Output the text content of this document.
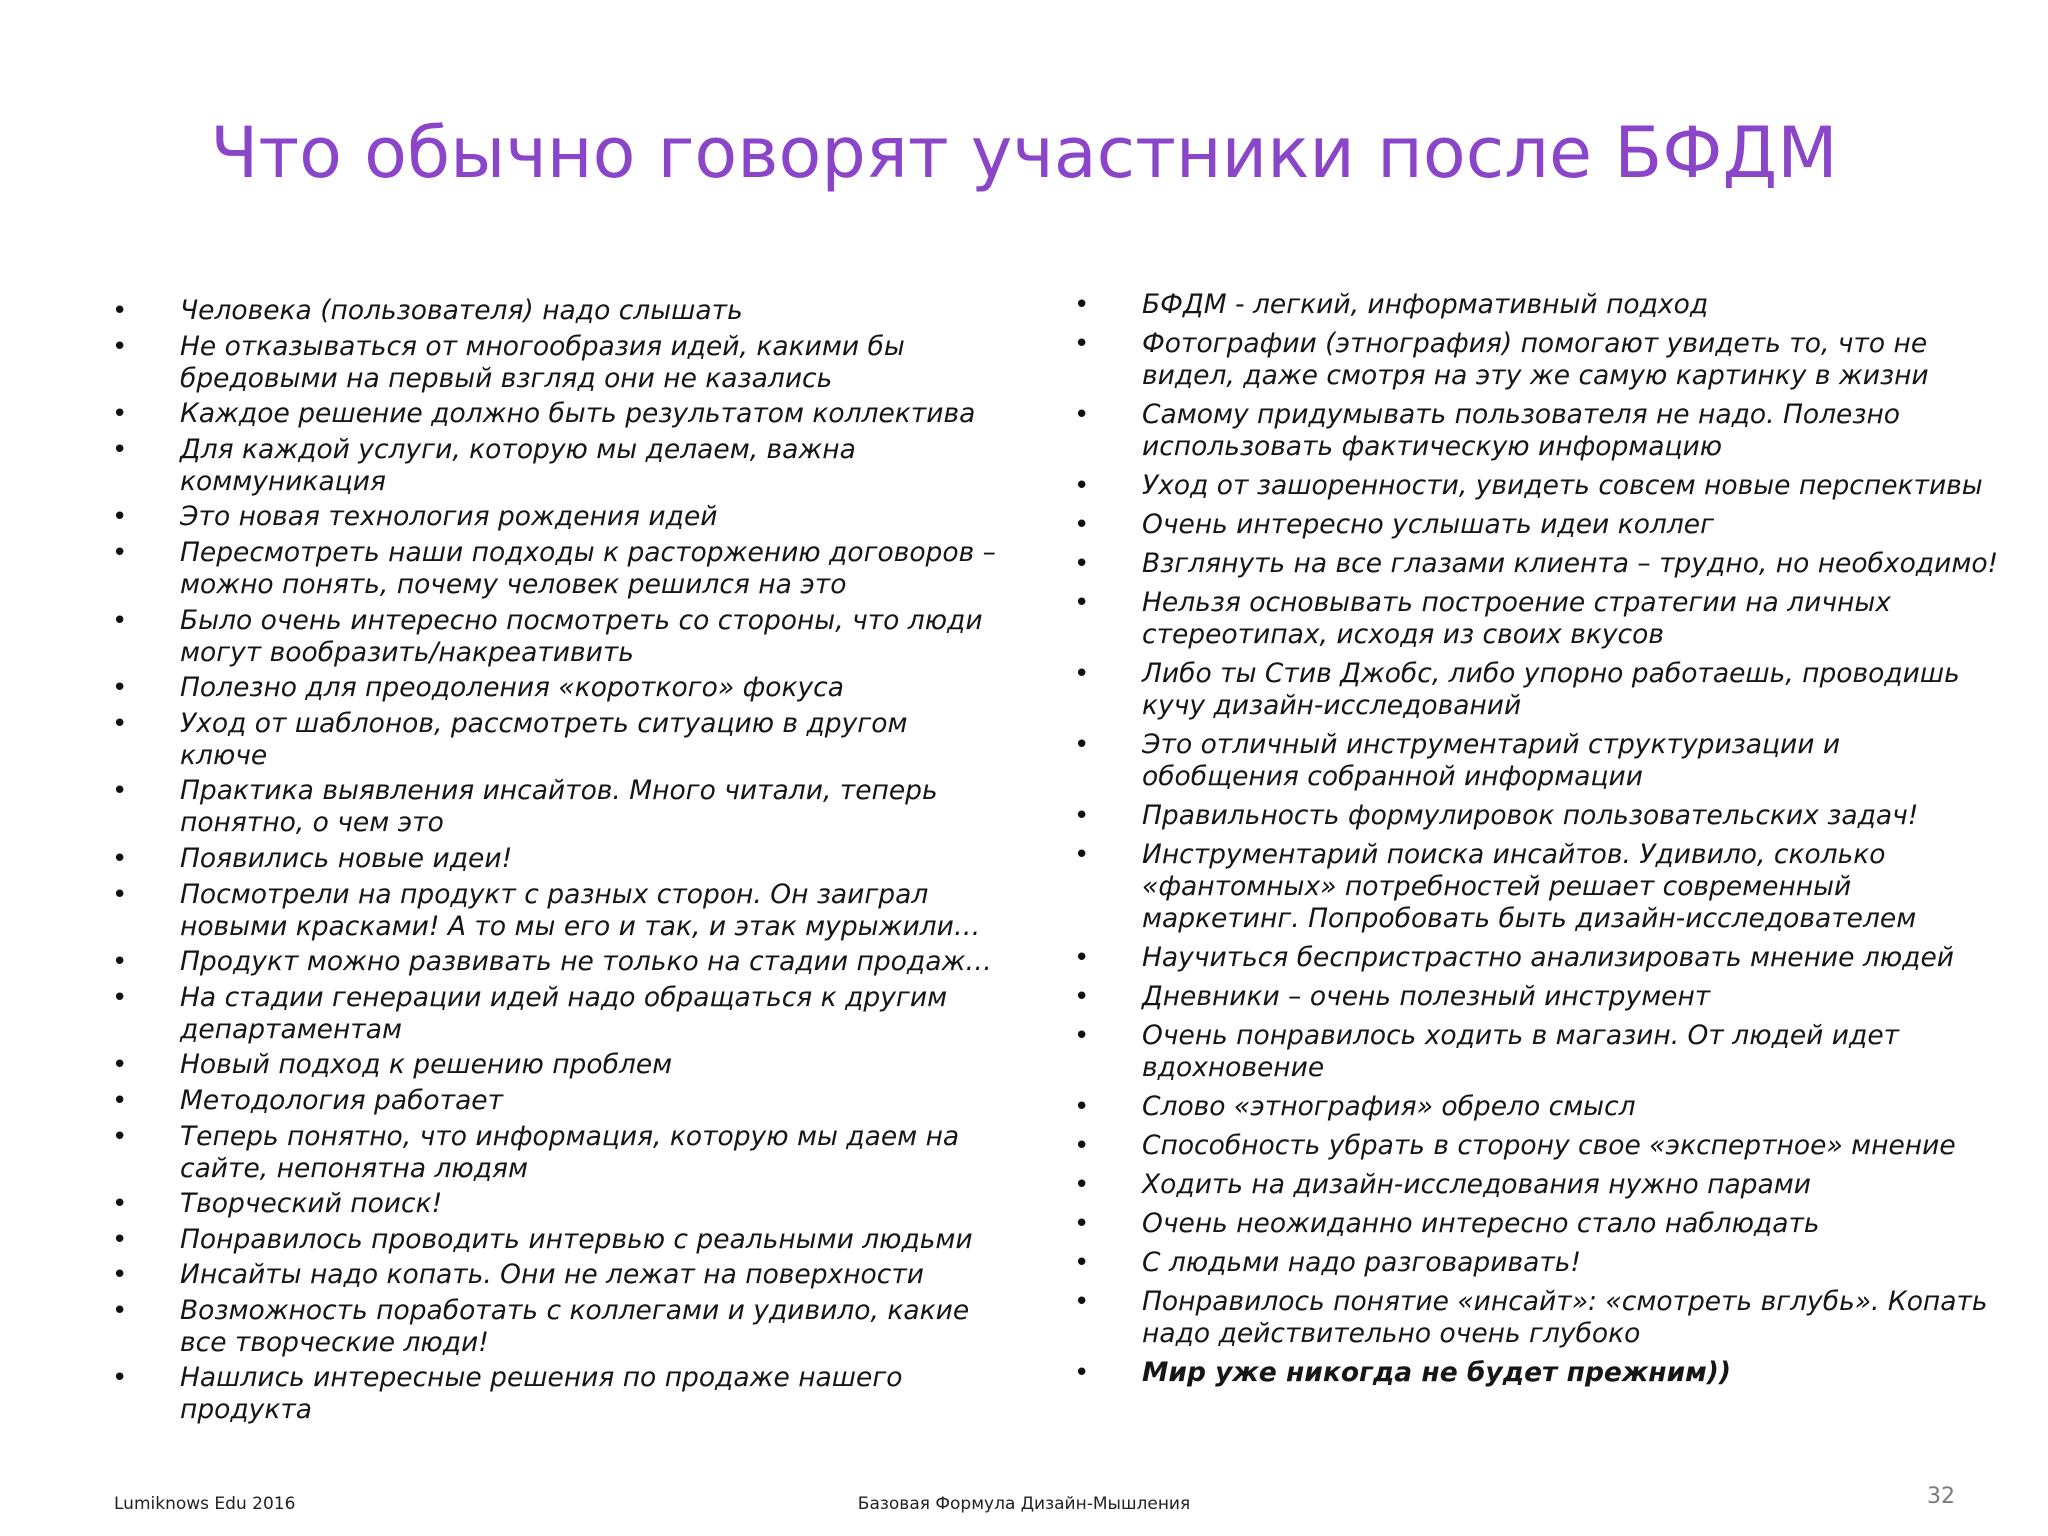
Что обычно говорят участники после БФДМ
• Человека (пользователя) надо слышать
• Не отказываться от многообразия идей, какими бы бредовыми на первый взгляд они не казались
• Каждое решение должно быть результатом коллектива
• Для каждой услуги, которую мы делаем, важна коммуникация
• Это новая технология рождения идей
• Пересмотреть наши подходы к расторжению договоров – можно понять, почему человек решился на это
• Было очень интересно посмотреть со стороны, что люди могут вообразить/накреативить
• Полезно для преодоления «короткого» фокуса
• Уход от шаблонов, рассмотреть ситуацию в другом ключе
• Практика выявления инсайтов. Много читали, теперь понятно, о чем это
• Появились новые идеи!
• Посмотрели на продукт с разных сторон. Он заиграл новыми красками! А то мы его и так, и этак мурыжили…
• Продукт можно развивать не только на стадии продаж…
• На стадии генерации идей надо обращаться к другим департаментам
• Новый подход к решению проблем
• Методология работает
• Теперь понятно, что информация, которую мы даем на сайте, непонятна людям
• Творческий поиск!
• Понравилось проводить интервью с реальными людьми
• Инсайты надо копать. Они не лежат на поверхности
• Возможность поработать с коллегами и удивило, какие все творческие люди!
• Нашлись интересные решения по продаже нашего продукта
• БФДМ - легкий, информативный подход
• Фотографии (этнография) помогают увидеть то, что не видел, даже смотря на эту же самую картинку в жизни
• Самому придумывать пользователя не надо. Полезно использовать фактическую информацию
• Уход от зашоренности, увидеть совсем новые перспективы
• Очень интересно услышать идеи коллег
• Взглянуть на все глазами клиента – трудно, но необходимо!
• Нельзя основывать построение стратегии на личных стереотипах, исходя из своих вкусов
• Либо ты Стив Джобс, либо упорно работаешь, проводишь кучу дизайн-исследований
• Это отличный инструментарий структуризации и обобщения собранной информации
• Правильность формулировок пользовательских задач!
• Инструментарий поиска инсайтов. Удивило, сколько «фантомных» потребностей решает современный маркетинг. Попробовать быть дизайн-исследователем
• Научиться беспристрастно анализировать мнение людей
• Дневники – очень полезный инструмент
• Очень понравилось ходить в магазин. От людей идет вдохновение
• Слово «этнография» обрело смысл
• Способность убрать в сторону свое «экспертное» мнение
• Ходить на дизайн-исследования нужно парами
• Очень неожиданно интересно стало наблюдать
• С людьми надо разговаривать!
• Понравилось понятие «инсайт»: «смотреть вглубь». Копать надо действительно очень глубоко
• Мир уже никогда не будет прежним))
Lumiknows Edu 2016	Базовая Формула Дизайн-Мышления	32
